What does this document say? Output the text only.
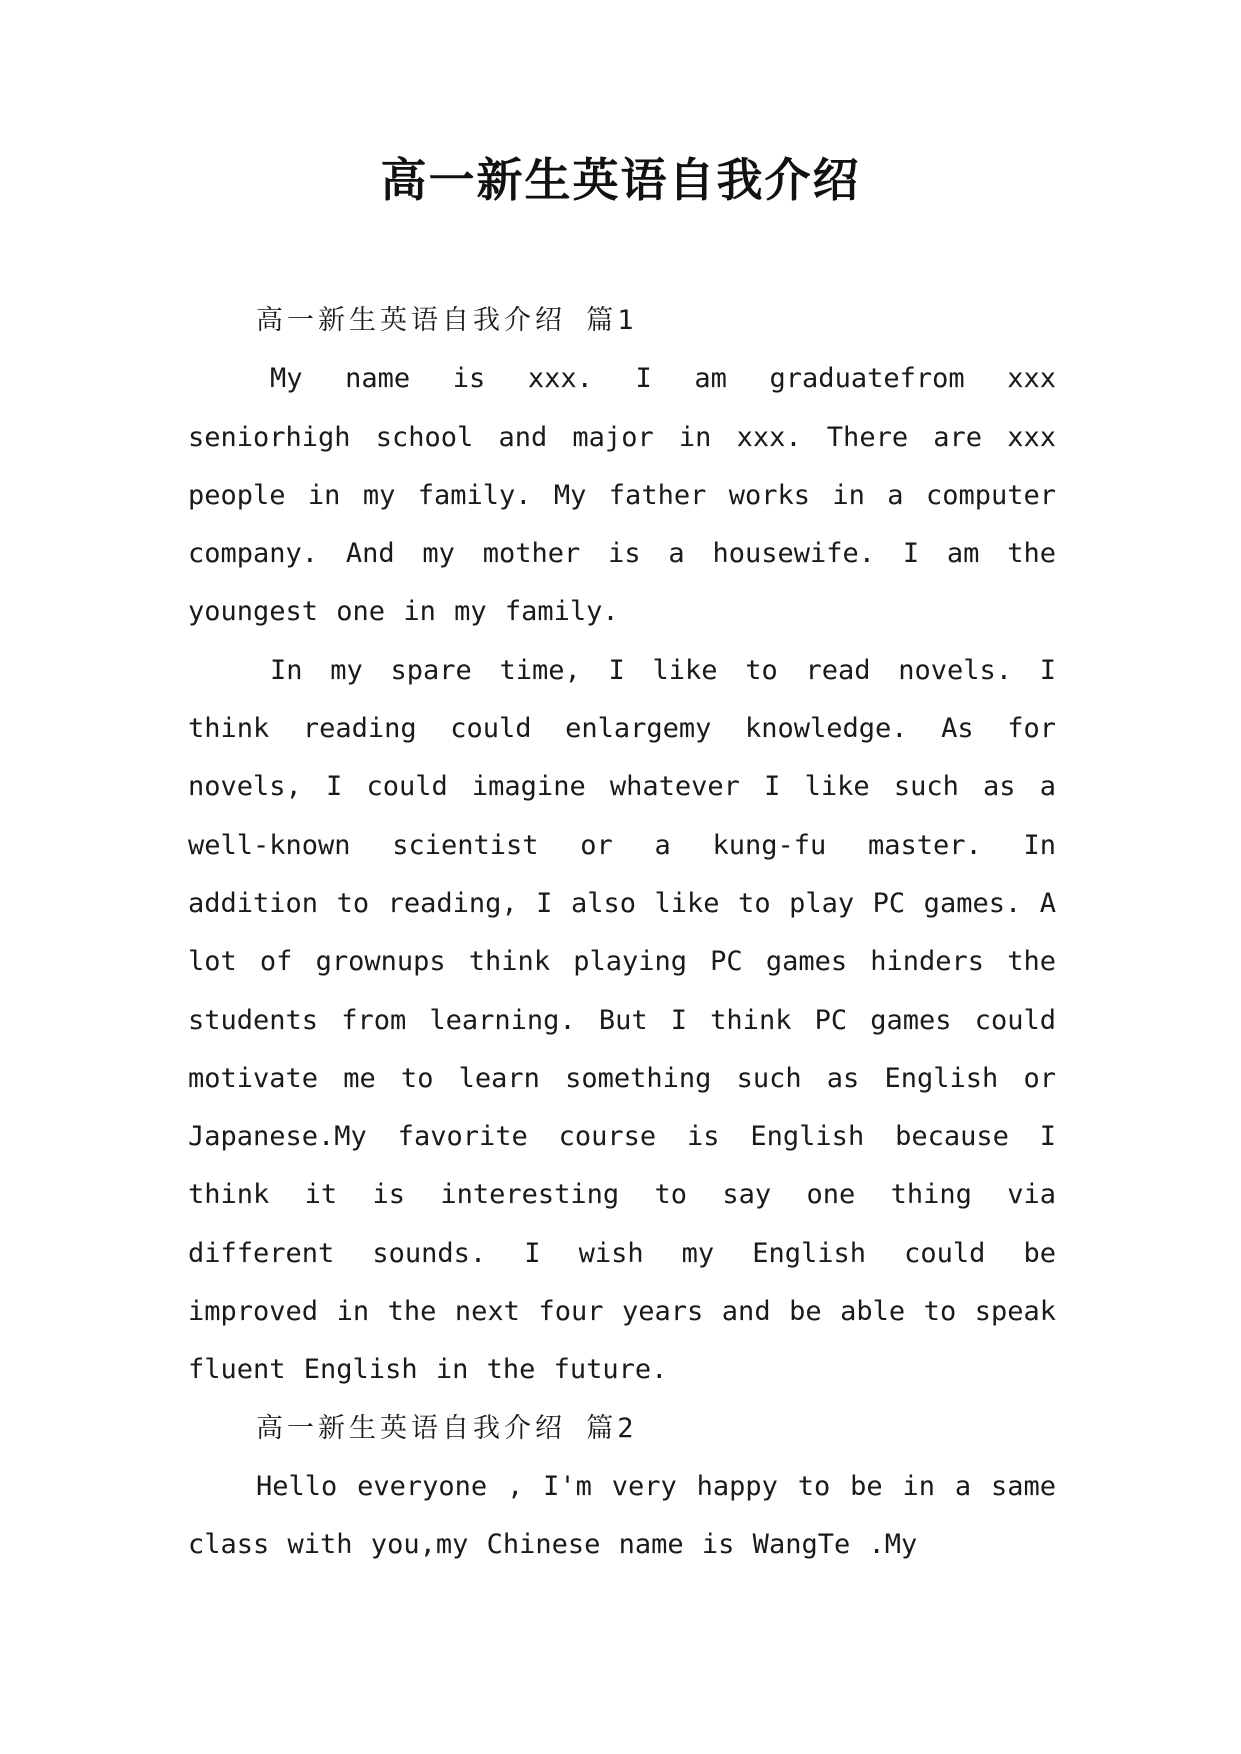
高一新生英语自我介绍

高一新生英语自我介绍 篇1

My name is xxx. I am graduatefrom xxx seniorhigh school and major in xxx. There are xxx people in my family. My father works in a computer company. And my mother is a housewife. I am the youngest one in my family.

In my spare time, I like to read novels. I think reading could enlargemy knowledge. As for novels, I could imagine whatever I like such as a well-known scientist or a kung-fu master. In addition to reading, I also like to play PC games. A lot of grownups think playing PC games hinders the students from learning. But I think PC games could motivate me to learn something such as English or Japanese.My favorite course is English because I think it is interesting to say one thing via different sounds. I wish my English could be improved in the next four years and be able to speak fluent English in the future.

高一新生英语自我介绍 篇2

Hello everyone , I'm very happy to be in a same class with you,my Chinese name is WangTe .My
